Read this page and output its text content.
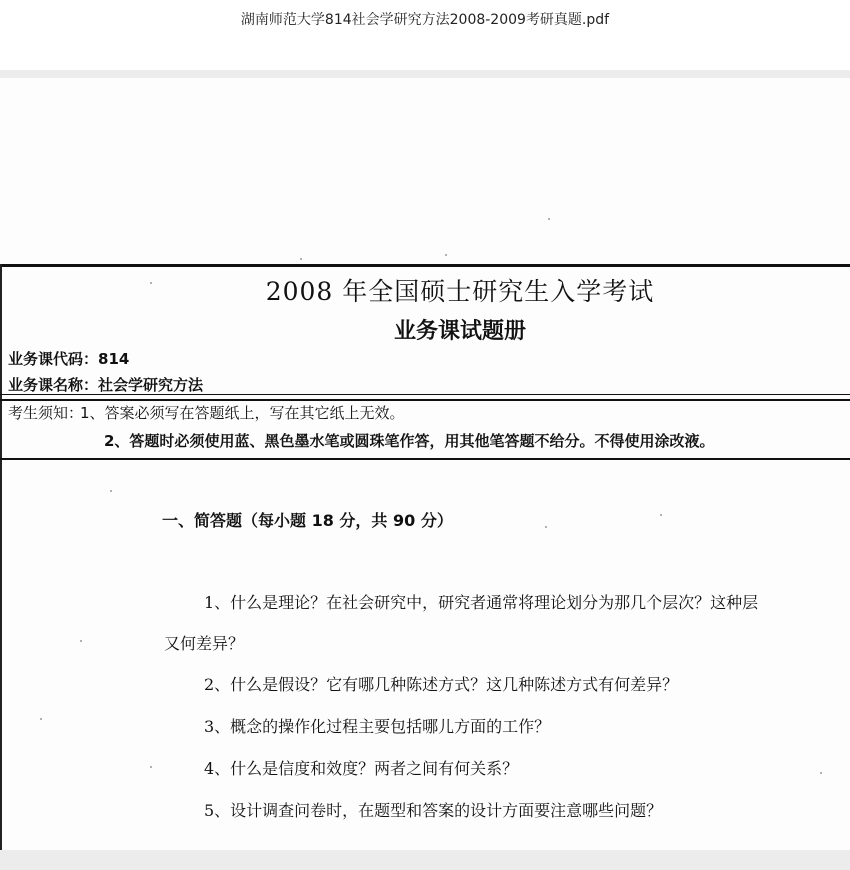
湖南师范大学814社会学研究方法2008-2009考研真题.pdf
2008 年全国硕士研究生入学考试
业务课试题册
业务课代码：814
业务课名称：社会学研究方法
考生须知：
1、答案必须写在答题纸上，写在其它纸上无效。
2、答题时必须使用蓝、黑色墨水笔或圆珠笔作答，用其他笔答题不给分。不得使用涂改液。
一、简答题（每小题 18 分，共 90 分）
1、什么是理论？在社会研究中，研究者通常将理论划分为那几个层次？这种层
又何差异？
2、什么是假设？它有哪几种陈述方式？这几种陈述方式有何差异？
3、概念的操作化过程主要包括哪儿方面的工作？
4、什么是信度和效度？两者之间有何关系？
5、设计调查问卷时，在题型和答案的设计方面要注意哪些问题？
